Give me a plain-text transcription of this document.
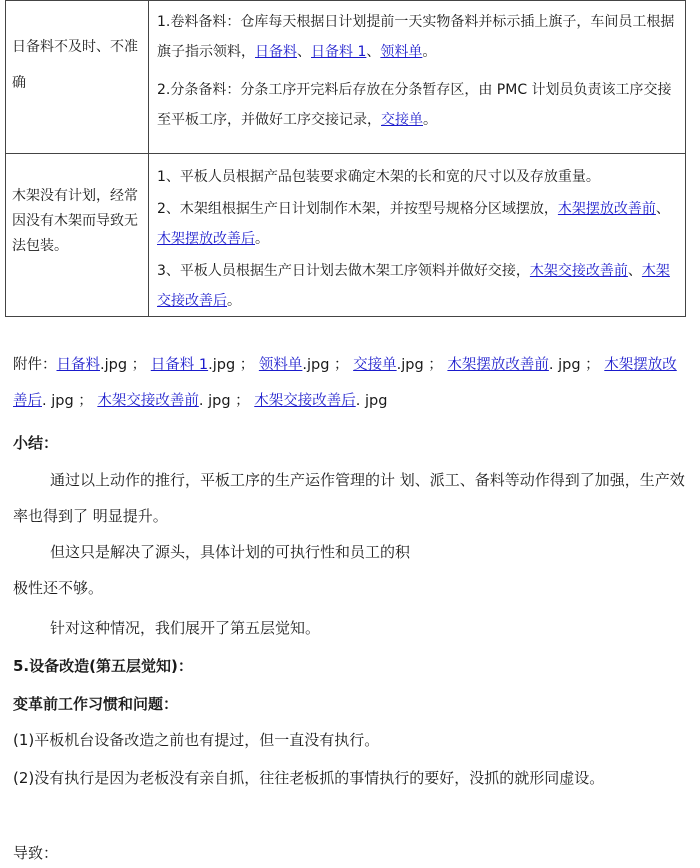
日备料不及时、不准确	1.卷料备料：仓库每天根据日计划提前一天实物备料并标示插上旗子，车间员工根据旗子指示领料，日备料、日备料 1、领料单。
2.分条备料：分条工序开完料后存放在分条暂存区，由 PMC 计划员负责该工序交接至平板工序，并做好工序交接记录，交接单。

木架没有计划，经常因没有木架而导致无法包装。	1、平板人员根据产品包装要求确定木架的长和宽的尺寸以及存放重量。
2、木架组根据生产日计划制作木架，并按型号规格分区域摆放，木架摆放改善前、木架摆放改善后。
3、平板人员根据生产日计划去做木架工序领料并做好交接，木架交接改善前、木架交接改善后。
附件：日备料.jpg ； 日备料 1.jpg ； 领料单.jpg ； 交接单.jpg ； 木架摆放改善前. jpg ； 木架摆放改善后. jpg ； 木架交接改善前. jpg ； 木架交接改善后. jpg

小结：

通过以上动作的推行，平板工序的生产运作管理的计 划、派工、备料等动作得到了加强，生产效率也得到了 明显提升。

但这只是解决了源头，具体计划的可执行性和员工的积

极性还不够。

针对这种情况，我们展开了第五层觉知。

5.设备改造(第五层觉知)：

变革前工作习惯和问题：

(1)平板机台设备改造之前也有提过，但一直没有执行。

(2)没有执行是因为老板没有亲自抓，往往老板抓的事情执行的要好，没抓的就形同虚设。

导致：
